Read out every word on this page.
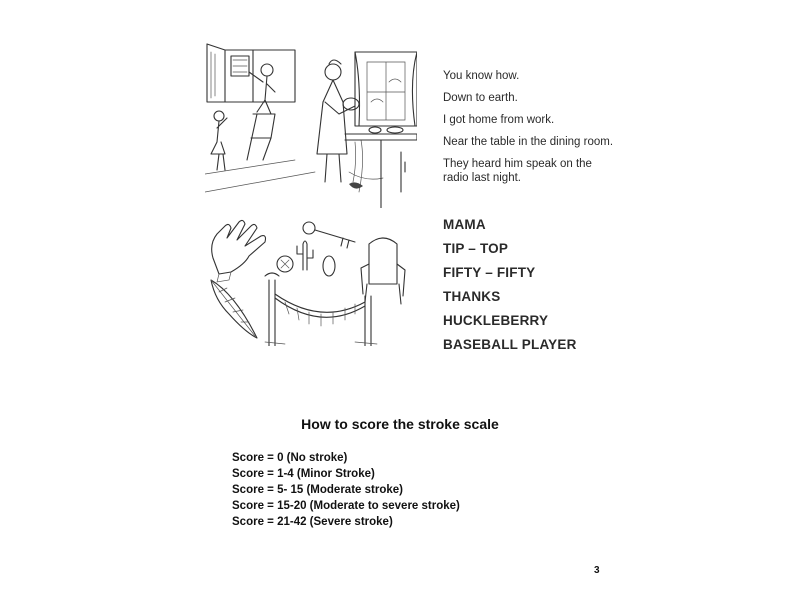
You know how.

Down to earth.

I got home from work.

Near the table in the dining room.

They heard him speak on the

radio last night.

MAMA

TIP – TOP

FIFTY – FIFTY

THANKS

HUCKLEBERRY

BASEBALL PLAYER

How to score the stroke scale

Score = 0 (No stroke)

Score = 1-4 (Minor Stroke)

Score = 5- 15 (Moderate stroke)

Score = 15-20 (Moderate to severe stroke)

Score = 21-42 (Severe stroke)

3
